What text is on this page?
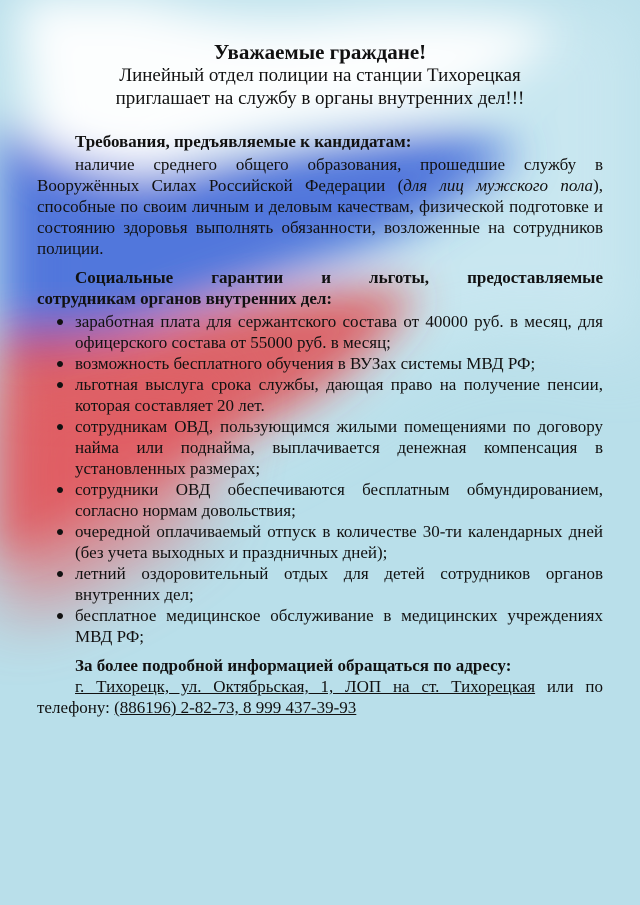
Уважаемые граждане!

Линейный отдел полиции на станции Тихорецкая

приглашает на службу в органы внутренних дел!!!

Требования, предъявляемые к кандидатам:

наличие среднего общего образования, прошедшие службу в Вооружённых Силах Российской Федерации (для лиц мужского пола), способные по своим личным и деловым качествам, физической подготовке и состоянию здоровья выполнять обязанности, возложенные на сотрудников полиции.

Социальные гарантии и льготы, предоставляемые

сотрудникам органов внутренних дел:

заработная плата для сержантского состава от 40000 руб. в месяц, для офицерского состава от 55000 руб. в месяц;
возможность бесплатного обучения в ВУЗах системы МВД РФ;
льготная выслуга срока службы, дающая право на получение пенсии, которая составляет 20 лет.
сотрудникам ОВД, пользующимся жилыми помещениями по договору найма или поднайма, выплачивается денежная компенсация в установленных размерах;
сотрудники ОВД обеспечиваются бесплатным обмундированием, согласно нормам довольствия;
очередной оплачиваемый отпуск в количестве 30-ти календарных дней (без учета выходных и праздничных дней);
летний оздоровительный отдых для детей сотрудников органов внутренних дел;
бесплатное медицинское обслуживание в медицинских учреждениях МВД РФ;

За более подробной информацией обращаться по адресу:

г. Тихорецк, ул. Октябрьская, 1, ЛОП на ст. Тихорецкая или по телефону: (886196) 2-82-73, 8 999 437-39-93
